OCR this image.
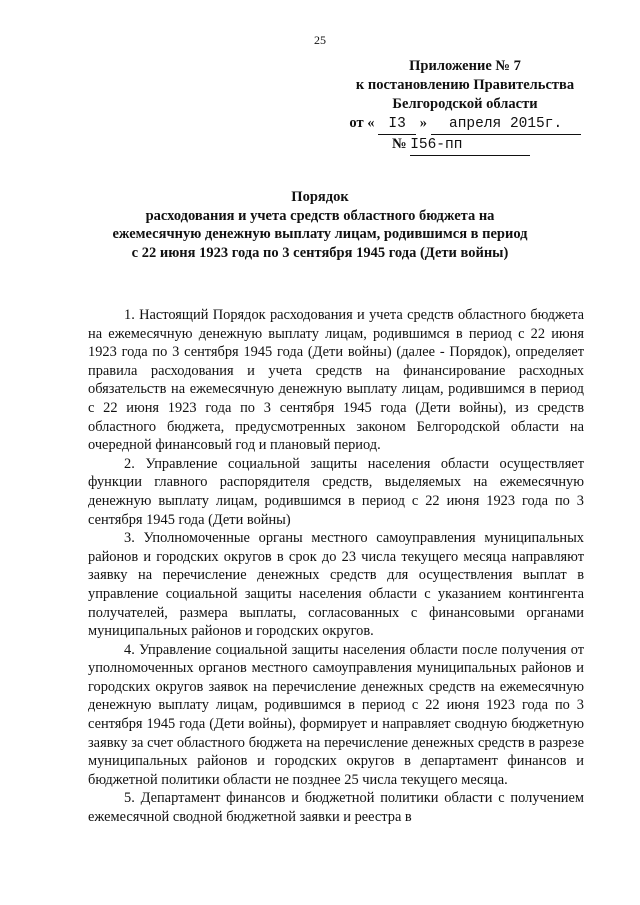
25
Приложение № 7
к постановлению Правительства
Белгородской области
от « I3 » апреля 2015г.
№ I56-пп
Порядок
расходования и учета средств областного бюджета на
ежемесячную денежную выплату лицам, родившимся в период
с 22 июня 1923 года по 3 сентября 1945 года (Дети войны)

1. Настоящий Порядок расходования и учета средств областного бюджета на ежемесячную денежную выплату лицам, родившимся в период с 22 июня 1923 года по 3 сентября 1945 года (Дети войны) (далее - Порядок), определяет правила расходования и учета средств на финансирование расходных обязательств на ежемесячную денежную выплату лицам, родившимся в период с 22 июня 1923 года по 3 сентября 1945 года (Дети войны), из средств областного бюджета, предусмотренных законом Белгородской области на очередной финансовый год и плановый период.

2. Управление социальной защиты населения области осуществляет функции главного распорядителя средств, выделяемых на ежемесячную денежную выплату лицам, родившимся в период с 22 июня 1923 года по 3 сентября 1945 года (Дети войны)

3. Уполномоченные органы местного самоуправления муниципальных районов и городских округов в срок до 23 числа текущего месяца направляют заявку на перечисление денежных средств для осуществления выплат в управление социальной защиты населения области с указанием контингента получателей, размера выплаты, согласованных с финансовыми органами муниципальных районов и городских округов.

4. Управление социальной защиты населения области после получения от уполномоченных органов местного самоуправления муниципальных районов и городских округов заявок на перечисление денежных средств на ежемесячную денежную выплату лицам, родившимся в период с 22 июня 1923 года по 3 сентября 1945 года (Дети войны), формирует и направляет сводную бюджетную заявку за счет областного бюджета на перечисление денежных средств в разрезе муниципальных районов и городских округов в департамент финансов и бюджетной политики области не позднее 25 числа текущего месяца.

5. Департамент финансов и бюджетной политики области с получением ежемесячной сводной бюджетной заявки и реестра в
